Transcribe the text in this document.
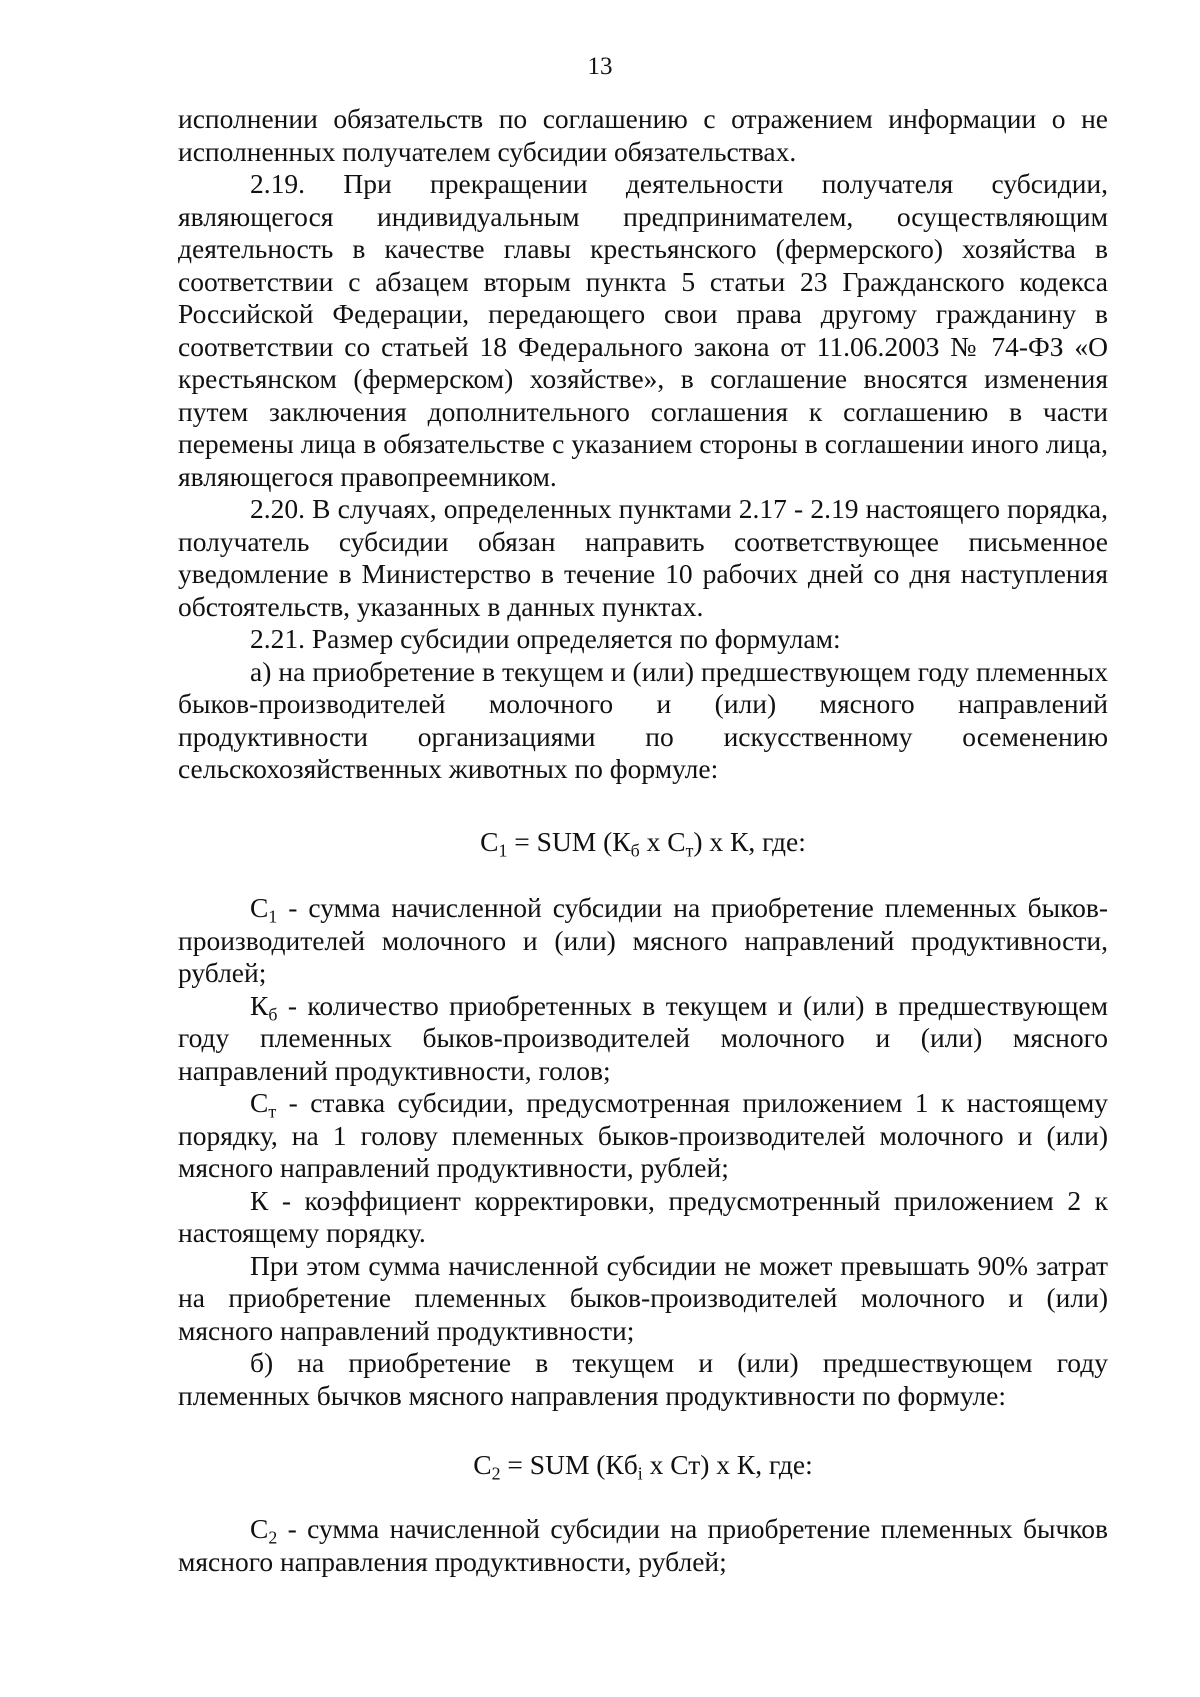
13

исполнении обязательств по соглашению с отражением информации о не исполненных получателем субсидии обязательствах.

2.19. При прекращении деятельности получателя субсидии, являющегося индивидуальным предпринимателем, осуществляющим деятельность в качестве главы крестьянского (фермерского) хозяйства в соответствии с абзацем вторым пункта 5 статьи 23 Гражданского кодекса Российской Федерации, передающего свои права другому гражданину в соответствии со статьей 18 Федерального закона от 11.06.2003 № 74-ФЗ «О крестьянском (фермерском) хозяйстве», в соглашение вносятся изменения путем заключения дополнительного соглашения к соглашению в части перемены лица в обязательстве с указанием стороны в соглашении иного лица, являющегося правопреемником.

2.20. В случаях, определенных пунктами 2.17 - 2.19 настоящего порядка, получатель субсидии обязан направить соответствующее письменное уведомление в Министерство в течение 10 рабочих дней со дня наступления обстоятельств, указанных в данных пунктах.

2.21. Размер субсидии определяется по формулам:

а) на приобретение в текущем и (или) предшествующем году племенных быков-производителей молочного и (или) мясного направлений продуктивности организациями по искусственному осеменению сельскохозяйственных животных по формуле:

$С_1$ = SUM ($К_б$ x $С_т$) x К, где:

$С_1$ - сумма начисленной субсидии на приобретение племенных быков-производителей молочного и (или) мясного направлений продуктивности, рублей;

$К_б$ - количество приобретенных в текущем и (или) в предшествующем году племенных быков-производителей молочного и (или) мясного направлений продуктивности, голов;

$С_т$ - ставка субсидии, предусмотренная приложением 1 к настоящему порядку, на 1 голову племенных быков-производителей молочного и (или) мясного направлений продуктивности, рублей;

К - коэффициент корректировки, предусмотренный приложением 2 к настоящему порядку.

При этом сумма начисленной субсидии не может превышать 90% затрат на приобретение племенных быков-производителей молочного и (или) мясного направлений продуктивности;

б) на приобретение в текущем и (или) предшествующем году племенных бычков мясного направления продуктивности по формуле:

$С_2$ = SUM ($Кб_i$ x Ст) x К, где:

$С_2$ - сумма начисленной субсидии на приобретение племенных бычков мясного направления продуктивности, рублей;
